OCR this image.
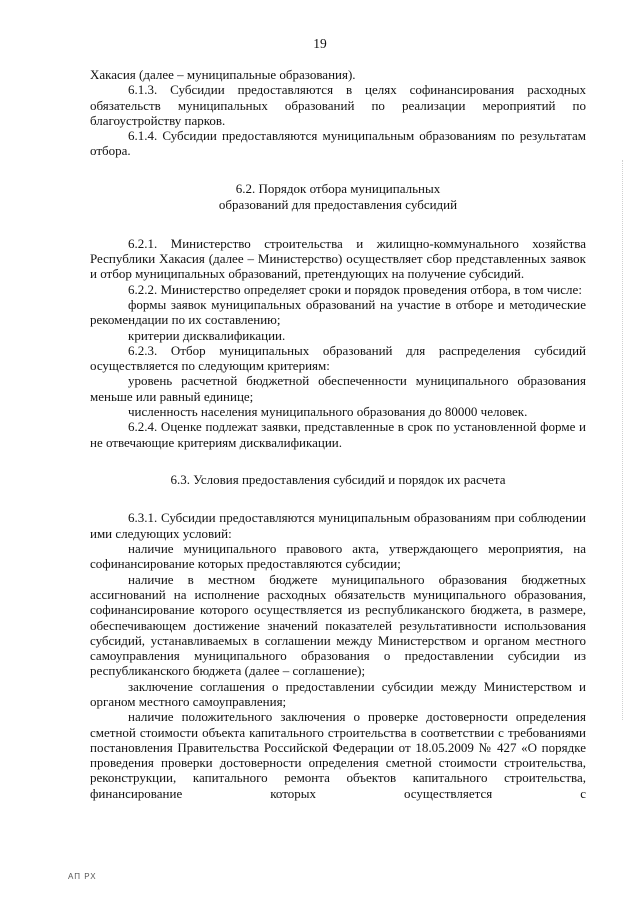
19

Хакасия (далее – муниципальные образования).

6.1.3. Субсидии предоставляются в целях софинансирования расходных обязательств муниципальных образований по реализации мероприятий по благоустройству парков.

6.1.4. Субсидии предоставляются муниципальным образованиям по результатам отбора.

6.2. Порядок отбора муниципальных
образований для предоставления субсидий

6.2.1. Министерство строительства и жилищно-коммунального хозяйства Республики Хакасия (далее – Министерство) осуществляет сбор представленных заявок и отбор муниципальных образований, претендующих на получение субсидий.

6.2.2. Министерство определяет сроки и порядок проведения отбора, в том числе:

формы заявок муниципальных образований на участие в отборе и методические рекомендации по их составлению;

критерии дисквалификации.

6.2.3. Отбор муниципальных образований для распределения субсидий осуществляется по следующим критериям:

уровень расчетной бюджетной обеспеченности муниципального образования меньше или равный единице;

численность населения муниципального образования до 80000 человек.

6.2.4. Оценке подлежат заявки, представленные в срок по установленной форме и не отвечающие критериям дисквалификации.

6.3. Условия предоставления субсидий и порядок их расчета

6.3.1. Субсидии предоставляются муниципальным образованиям при соблюдении ими следующих условий:

наличие муниципального правового акта, утверждающего мероприятия, на софинансирование которых предоставляются субсидии;

наличие в местном бюджете муниципального образования бюджетных ассигнований на исполнение расходных обязательств муниципального образования, софинансирование которого осуществляется из республиканского бюджета, в размере, обеспечивающем достижение значений показателей результативности использования субсидий, устанавливаемых в соглашении между Министерством и органом местного самоуправления муниципального образования о предоставлении субсидии из республиканского бюджета (далее – соглашение);

заключение соглашения о предоставлении субсидии между Министерством и органом местного самоуправления;

наличие положительного заключения о проверке достоверности определения сметной стоимости объекта капитального строительства в соответствии с требованиями постановления Правительства Российской Федерации от 18.05.2009 № 427 «О порядке проведения проверки достоверности определения сметной стоимости строительства, реконструкции, капитального ремонта объектов капитального строительства, финансирование которых осуществляется с

АП РХ
